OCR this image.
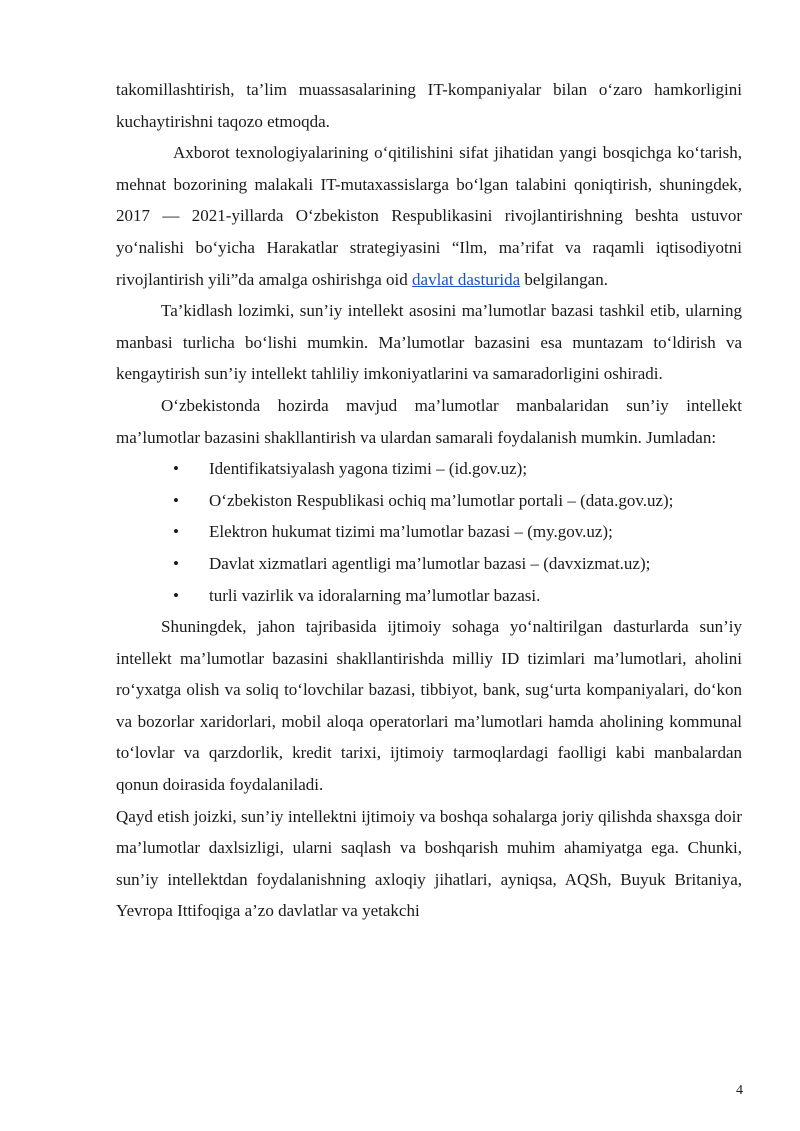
takomillashtirish, ta’lim muassasalarining IT-kompaniyalar bilan o‘zaro hamkorligini kuchaytirishni taqozo etmoqda.

Axborot texnologiyalarining o‘qitilishini sifat jihatidan yangi bosqichga ko‘tarish, mehnat bozorining malakali IT-mutaxassislarga bo‘lgan talabini qoniqtirish, shuningdek, 2017 — 2021-yillarda O‘zbekiston Respublikasini rivojlantirishning beshta ustuvor yo‘nalishi bo‘yicha Harakatlar strategiyasini “Ilm, ma’rifat va raqamli iqtisodiyotni rivojlantirish yili”da amalga oshirishga oid davlat dasturida belgilangan.

Ta’kidlash lozimki, sun’iy intellekt asosini ma’lumotlar bazasi tashkil etib, ularning manbasi turlicha bo‘lishi mumkin. Ma’lumotlar bazasini esa muntazam to‘ldirish va kengaytirish sun’iy intellekt tahliliy imkoniyatlarini va samaradorligini oshiradi.

O‘zbekistonda hozirda mavjud ma’lumotlar manbalaridan sun’iy intellekt ma’lumotlar bazasini shakllantirish va ulardan samarali foydalanish mumkin. Jumladan:

• Identifikatsiyalash yagona tizimi – (id.gov.uz);
• O‘zbekiston Respublikasi ochiq ma’lumotlar portali – (data.gov.uz);
• Elektron hukumat tizimi ma’lumotlar bazasi – (my.gov.uz);
• Davlat xizmatlari agentligi ma’lumotlar bazasi – (davxizmat.uz);
• turli vazirlik va idoralarning ma’lumotlar bazasi.

Shuningdek, jahon tajribasida ijtimoiy sohaga yo‘naltirilgan dasturlarda sun’iy intellekt ma’lumotlar bazasini shakllantirishda milliy ID tizimlari ma’lumotlari, aholini ro‘yxatga olish va soliq to‘lovchilar bazasi, tibbiyot, bank, sug‘urta kompaniyalari, do‘kon va bozorlar xaridorlari, mobil aloqa operatorlari ma’lumotlari hamda aholining kommunal to‘lovlar va qarzdorlik, kredit tarixi, ijtimoiy tarmoqlardagi faolligi kabi manbalardan qonun doirasida foydalaniladi.

Qayd etish joizki, sun’iy intellektni ijtimoiy va boshqa sohalarga joriy qilishda shaxsga doir ma’lumotlar daxlsizligi, ularni saqlash va boshqarish muhim ahamiyatga ega. Chunki, sun’iy intellektdan foydalanishning axloqiy jihatlari, ayniqsa, AQSh, Buyuk Britaniya, Yevropa Ittifoqiga a’zo davlatlar va yetakchi

4
